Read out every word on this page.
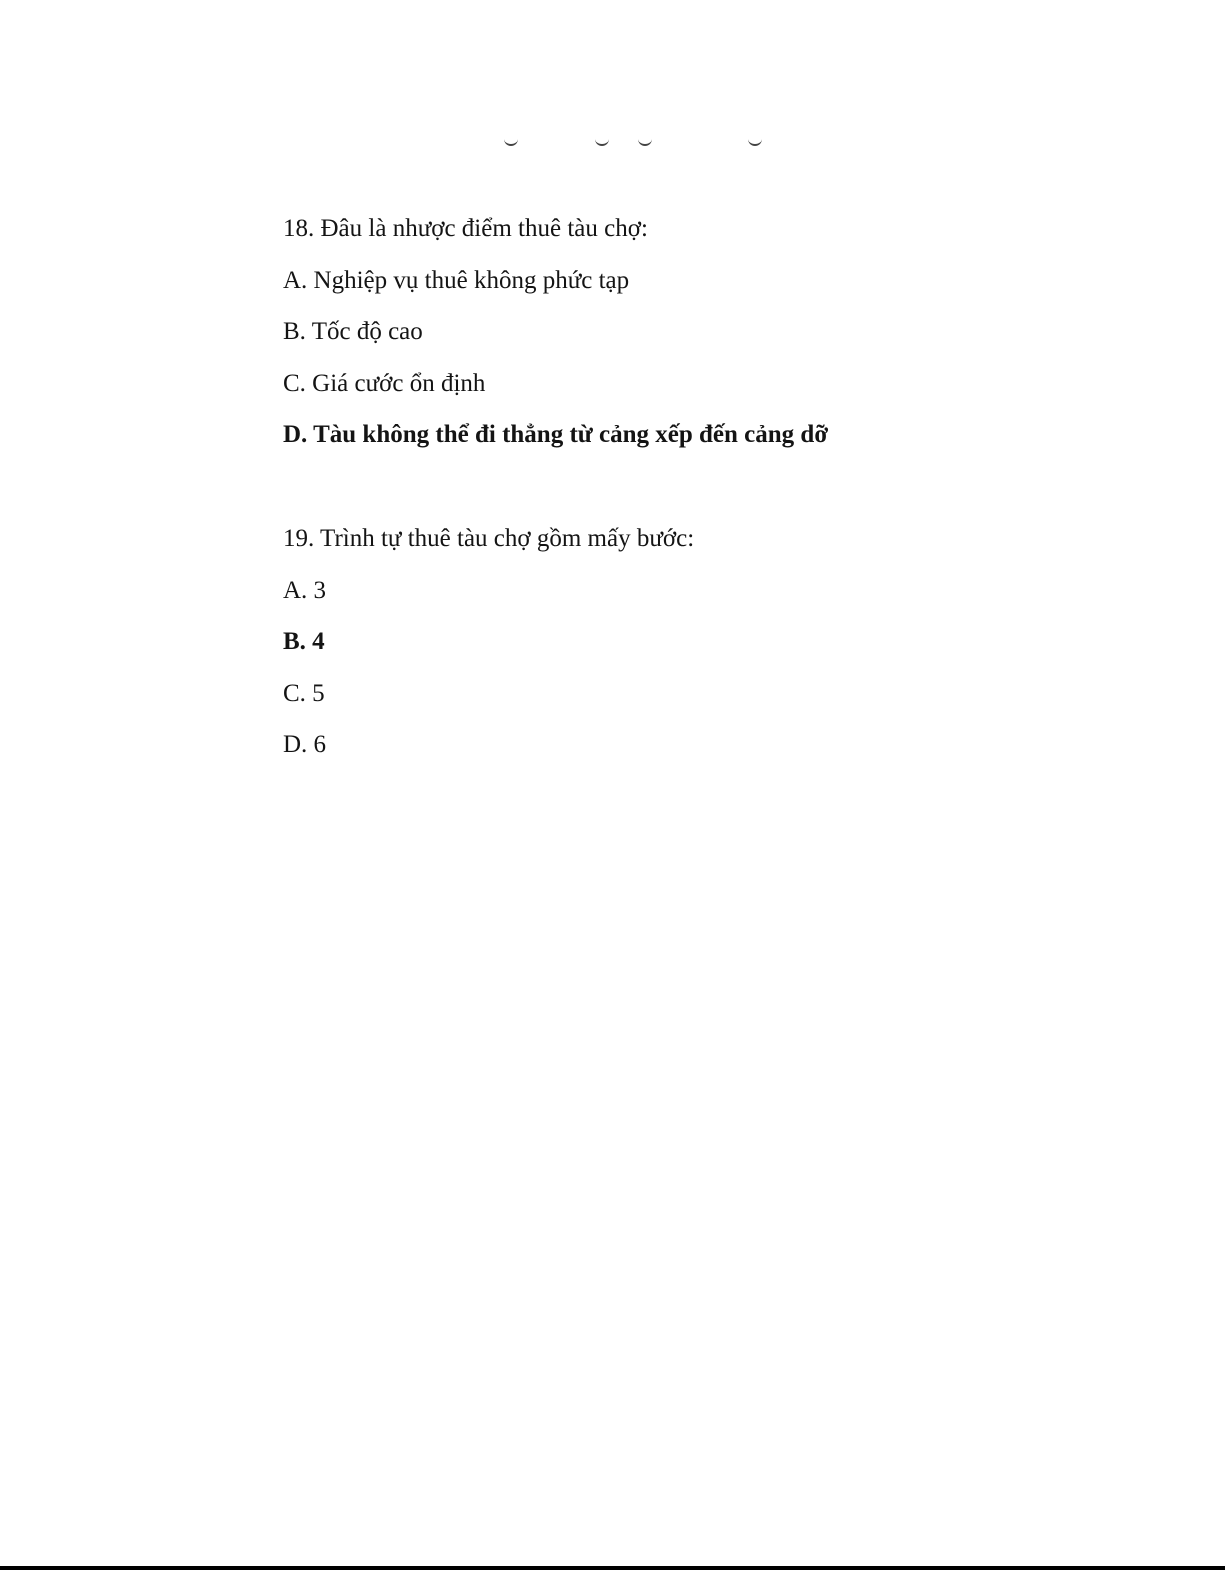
18. Đâu là nhược điểm thuê tàu chợ:
A. Nghiệp vụ thuê không phức tạp
B. Tốc độ cao
C. Giá cước ổn định
D. Tàu không thể đi thẳng từ cảng xếp đến cảng dỡ
19. Trình tự thuê tàu chợ gồm mấy bước:
A. 3
B. 4
C. 5
D. 6
